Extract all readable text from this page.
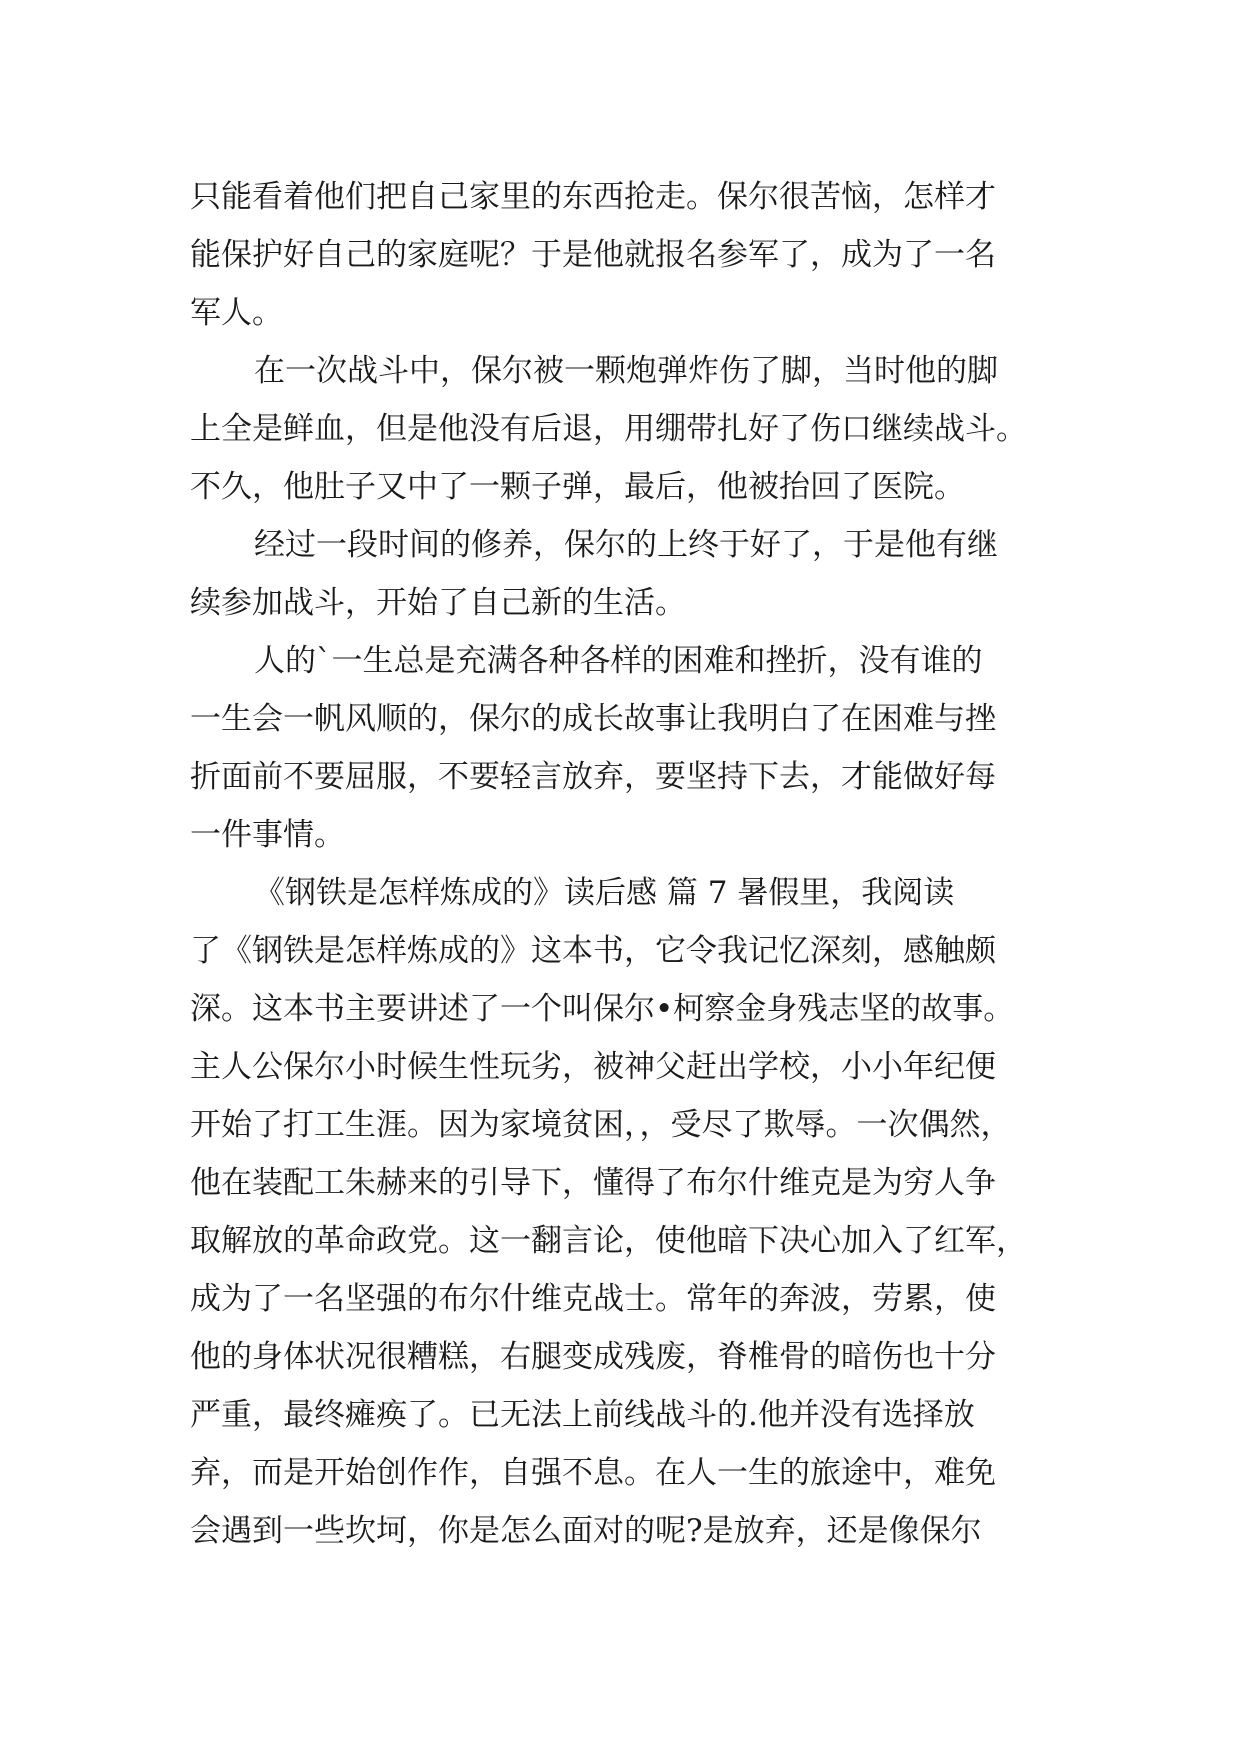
只能看着他们把自己家里的东西抢走。保尔很苦恼，怎样才
能保护好自己的家庭呢？于是他就报名参军了，成为了一名
军人。
在一次战斗中，保尔被一颗炮弹炸伤了脚，当时他的脚
上全是鲜血，但是他没有后退，用绷带扎好了伤口继续战斗。
不久，他肚子又中了一颗子弹，最后，他被抬回了医院。
经过一段时间的修养，保尔的上终于好了，于是他有继
续参加战斗，开始了自己新的生活。
人的`一生总是充满各种各样的困难和挫折，没有谁的
一生会一帆风顺的，保尔的成长故事让我明白了在困难与挫
折面前不要屈服，不要轻言放弃，要坚持下去，才能做好每
一件事情。
《钢铁是怎样炼成的》读后感 篇 7 暑假里，我阅读
了《钢铁是怎样炼成的》这本书，它令我记忆深刻，感触颇
深。这本书主要讲述了一个叫保尔•柯察金身残志坚的故事。
主人公保尔小时候生性玩劣，被神父赶出学校，小小年纪便
开始了打工生涯。因为家境贫困，，受尽了欺辱。一次偶然，
他在装配工朱赫来的引导下，懂得了布尔什维克是为穷人争
取解放的革命政党。这一翻言论，使他暗下决心加入了红军，
成为了一名坚强的布尔什维克战士。常年的奔波，劳累，使
他的身体状况很糟糕，右腿变成残废，脊椎骨的暗伤也十分
严重，最终瘫痪了。已无法上前线战斗的.他并没有选择放
弃，而是开始创作作，自强不息。在人一生的旅途中，难免
会遇到一些坎坷，你是怎么面对的呢?是放弃，还是像保尔
